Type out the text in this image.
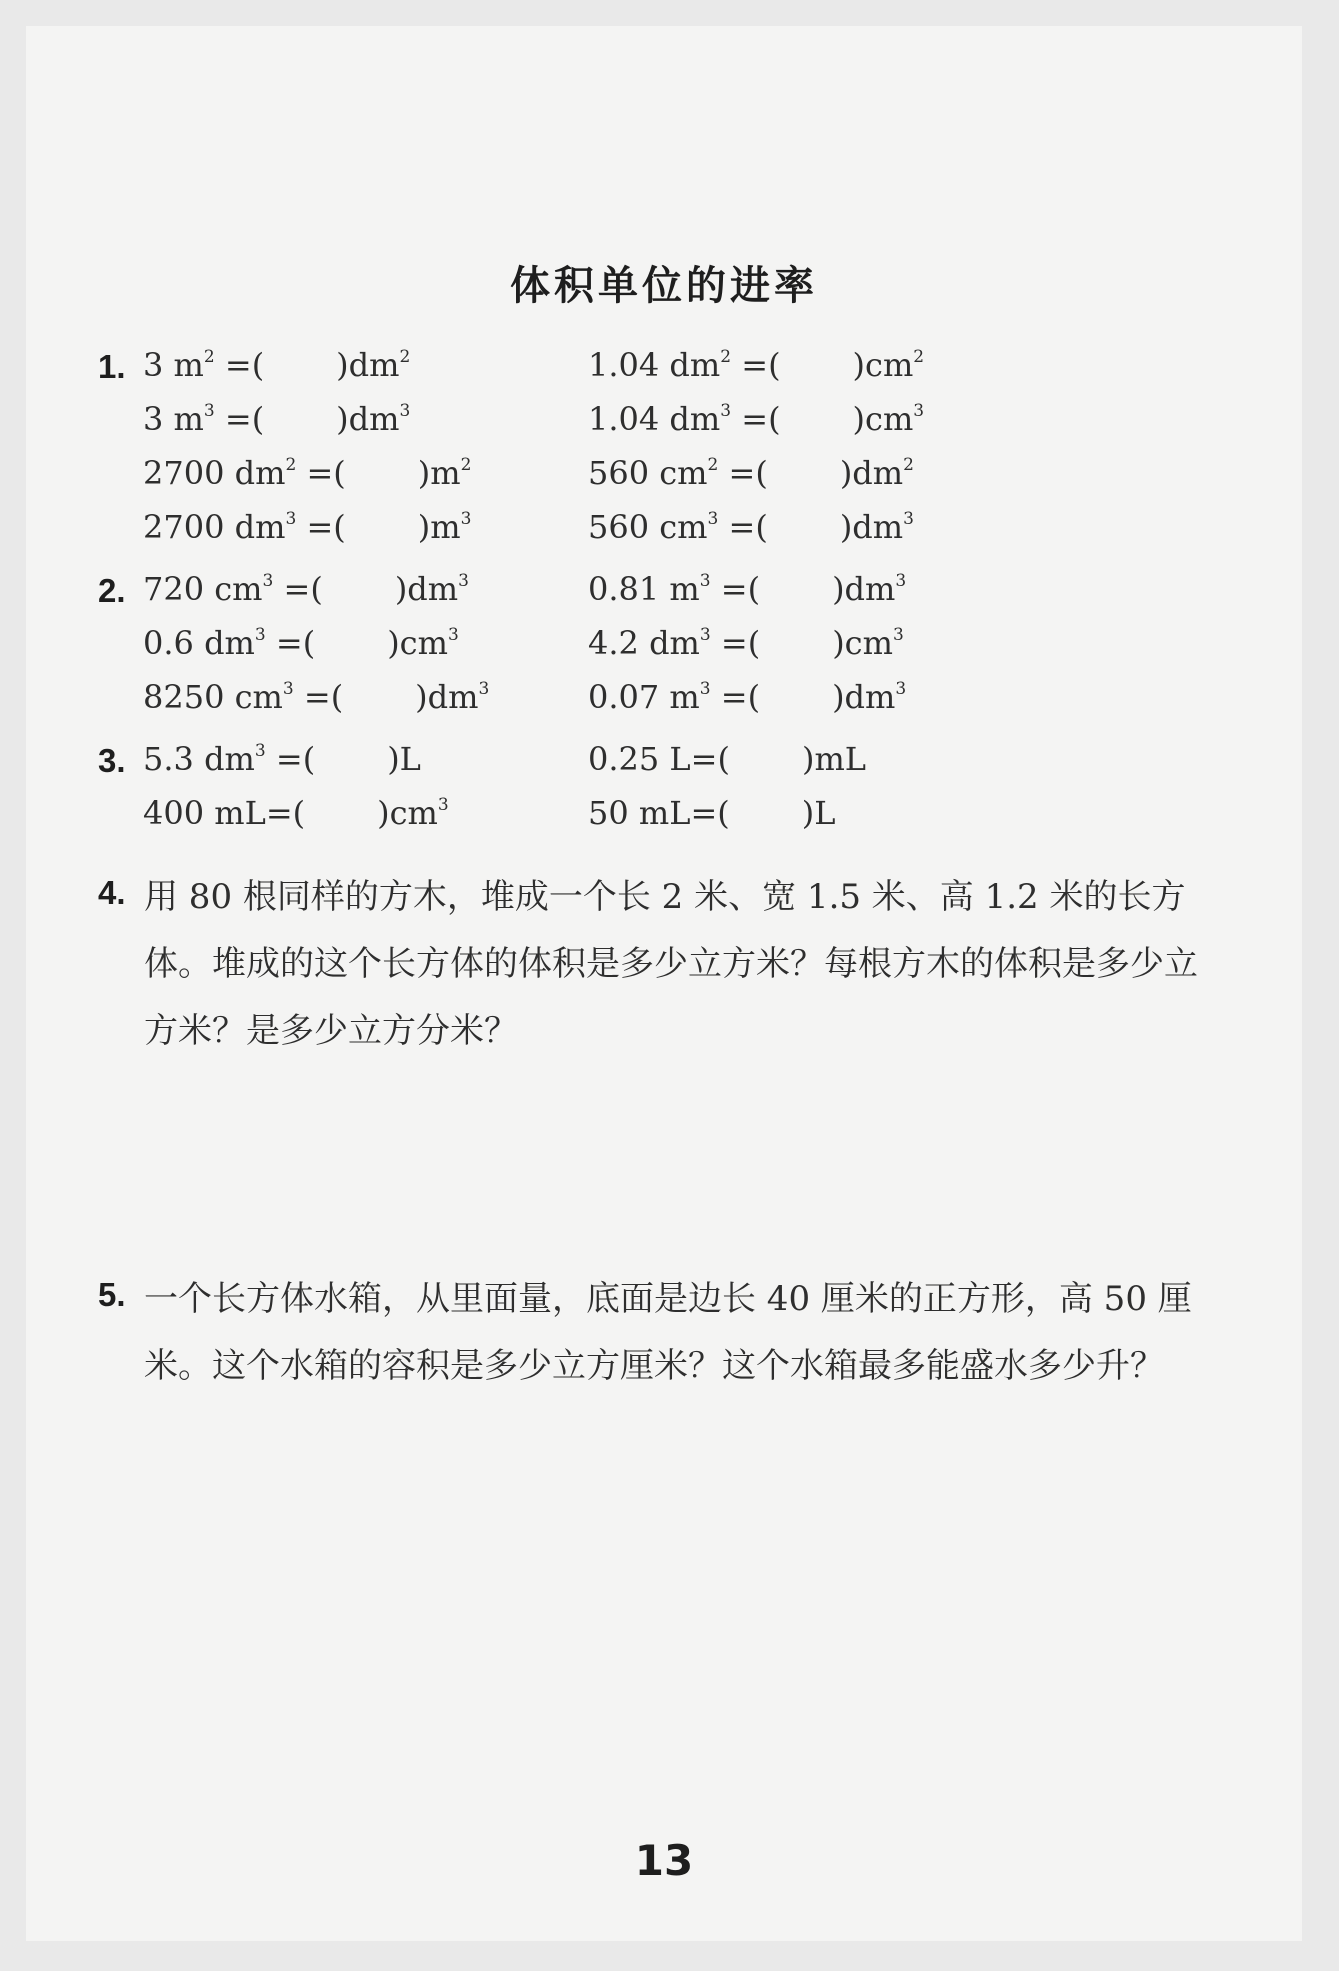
体积单位的进率
1. 3 $m^2$ =( )$dm^2$
3 $m^3$ =( )$dm^3$
2700 $dm^2$ =( )$m^2$
2700 $dm^3$ =( )$m^3$
1.04 $dm^2$ =( )$cm^2$
1.04 $dm^3$ =( )$cm^3$
560 $cm^2$ =( )$dm^2$
560 $cm^3$ =( )$dm^3$
2. 720 $cm^3$ =( )$dm^3$
0.6 $dm^3$ =( )$cm^3$
8250 $cm^3$ =( )$dm^3$
0.81 $m^3$ =( )$dm^3$
4.2 $dm^3$ =( )$cm^3$
0.07 $m^3$ =( )$dm^3$
3. 5.3 $dm^3$ =( )L
400 mL=( )$cm^3$
0.25 L=( )mL
50 mL=( )L
4. 用 80 根同样的方木，堆成一个长 2 米、宽 1.5 米、高 1.2 米的长方体。堆成的这个长方体的体积是多少立方米？每根方木的体积是多少立方米？是多少立方分米？
5. 一个长方体水箱，从里面量，底面是边长 40 厘米的正方形，高 50 厘米。这个水箱的容积是多少立方厘米？这个水箱最多能盛水多少升？
13
